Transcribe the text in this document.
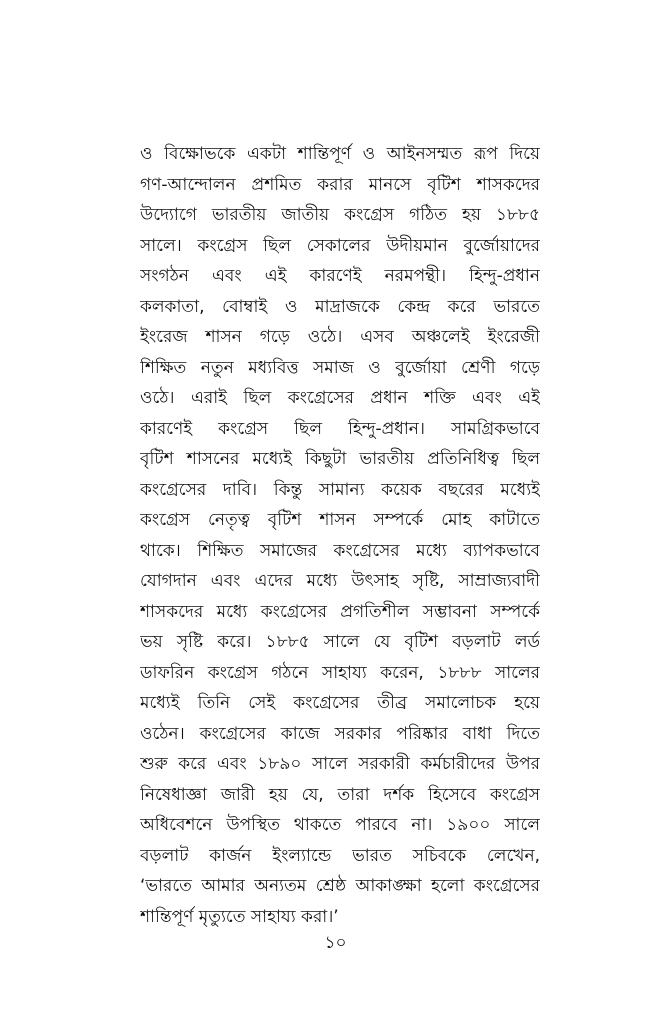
ও বিক্ষোভকে একটা শান্তিপূর্ণ ও আইনসম্মত রূপ দিয়ে
গণ-আন্দোলন প্রশমিত করার মানসে বৃটিশ শাসকদের
উদ্যোগে ভারতীয় জাতীয় কংগ্রেস গঠিত হয় ১৮৮৫
সালে। কংগ্রেস ছিল সেকালের উদীয়মান বুর্জোয়াদের
সংগঠন এবং এই কারণেই নরমপন্থী। হিন্দু-প্রধান
কলকাতা, বোম্বাই ও মাদ্রাজকে কেন্দ্র করে ভারতে
ইংরেজ শাসন গড়ে ওঠে। এসব অঞ্চলেই ইংরেজী
শিক্ষিত নতুন মধ্যবিত্ত সমাজ ও বুর্জোয়া শ্রেণী গড়ে
ওঠে। এরাই ছিল কংগ্রেসের প্রধান শক্তি এবং এই
কারণেই কংগ্রেস ছিল হিন্দু-প্রধান। সামগ্রিকভাবে
বৃটিশ শাসনের মধ্যেই কিছুটা ভারতীয় প্রতিনিধিত্ব ছিল
কংগ্রেসের দাবি। কিন্তু সামান্য কয়েক বছরের মধ্যেই
কংগ্রেস নেতৃত্ব বৃটিশ শাসন সম্পর্কে মোহ কাটাতে
থাকে। শিক্ষিত সমাজের কংগ্রেসের মধ্যে ব্যাপকভাবে
যোগদান এবং এদের মধ্যে উৎসাহ সৃষ্টি, সাম্রাজ্যবাদী
শাসকদের মধ্যে কংগ্রেসের প্রগতিশীল সম্ভাবনা সম্পর্কে
ভয় সৃষ্টি করে। ১৮৮৫ সালে যে বৃটিশ বড়লাট লর্ড
ডাফরিন কংগ্রেস গঠনে সাহায্য করেন, ১৮৮৮ সালের
মধ্যেই তিনি সেই কংগ্রেসের তীব্র সমালোচক হয়ে
ওঠেন। কংগ্রেসের কাজে সরকার পরিষ্কার বাধা দিতে
শুরু করে এবং ১৮৯০ সালে সরকারী কর্মচারীদের উপর
নিষেধাজ্ঞা জারী হয় যে, তারা দর্শক হিসেবে কংগ্রেস
অধিবেশনে উপস্থিত থাকতে পারবে না। ১৯০০ সালে
বড়লাট কার্জন ইংল্যান্ডে ভারত সচিবকে লেখেন,
‘ভারতে আমার অন্যতম শ্রেষ্ঠ আকাঙ্ক্ষা হলো কংগ্রেসের
শান্তিপূর্ণ মৃত্যুতে সাহায্য করা।’
১০
